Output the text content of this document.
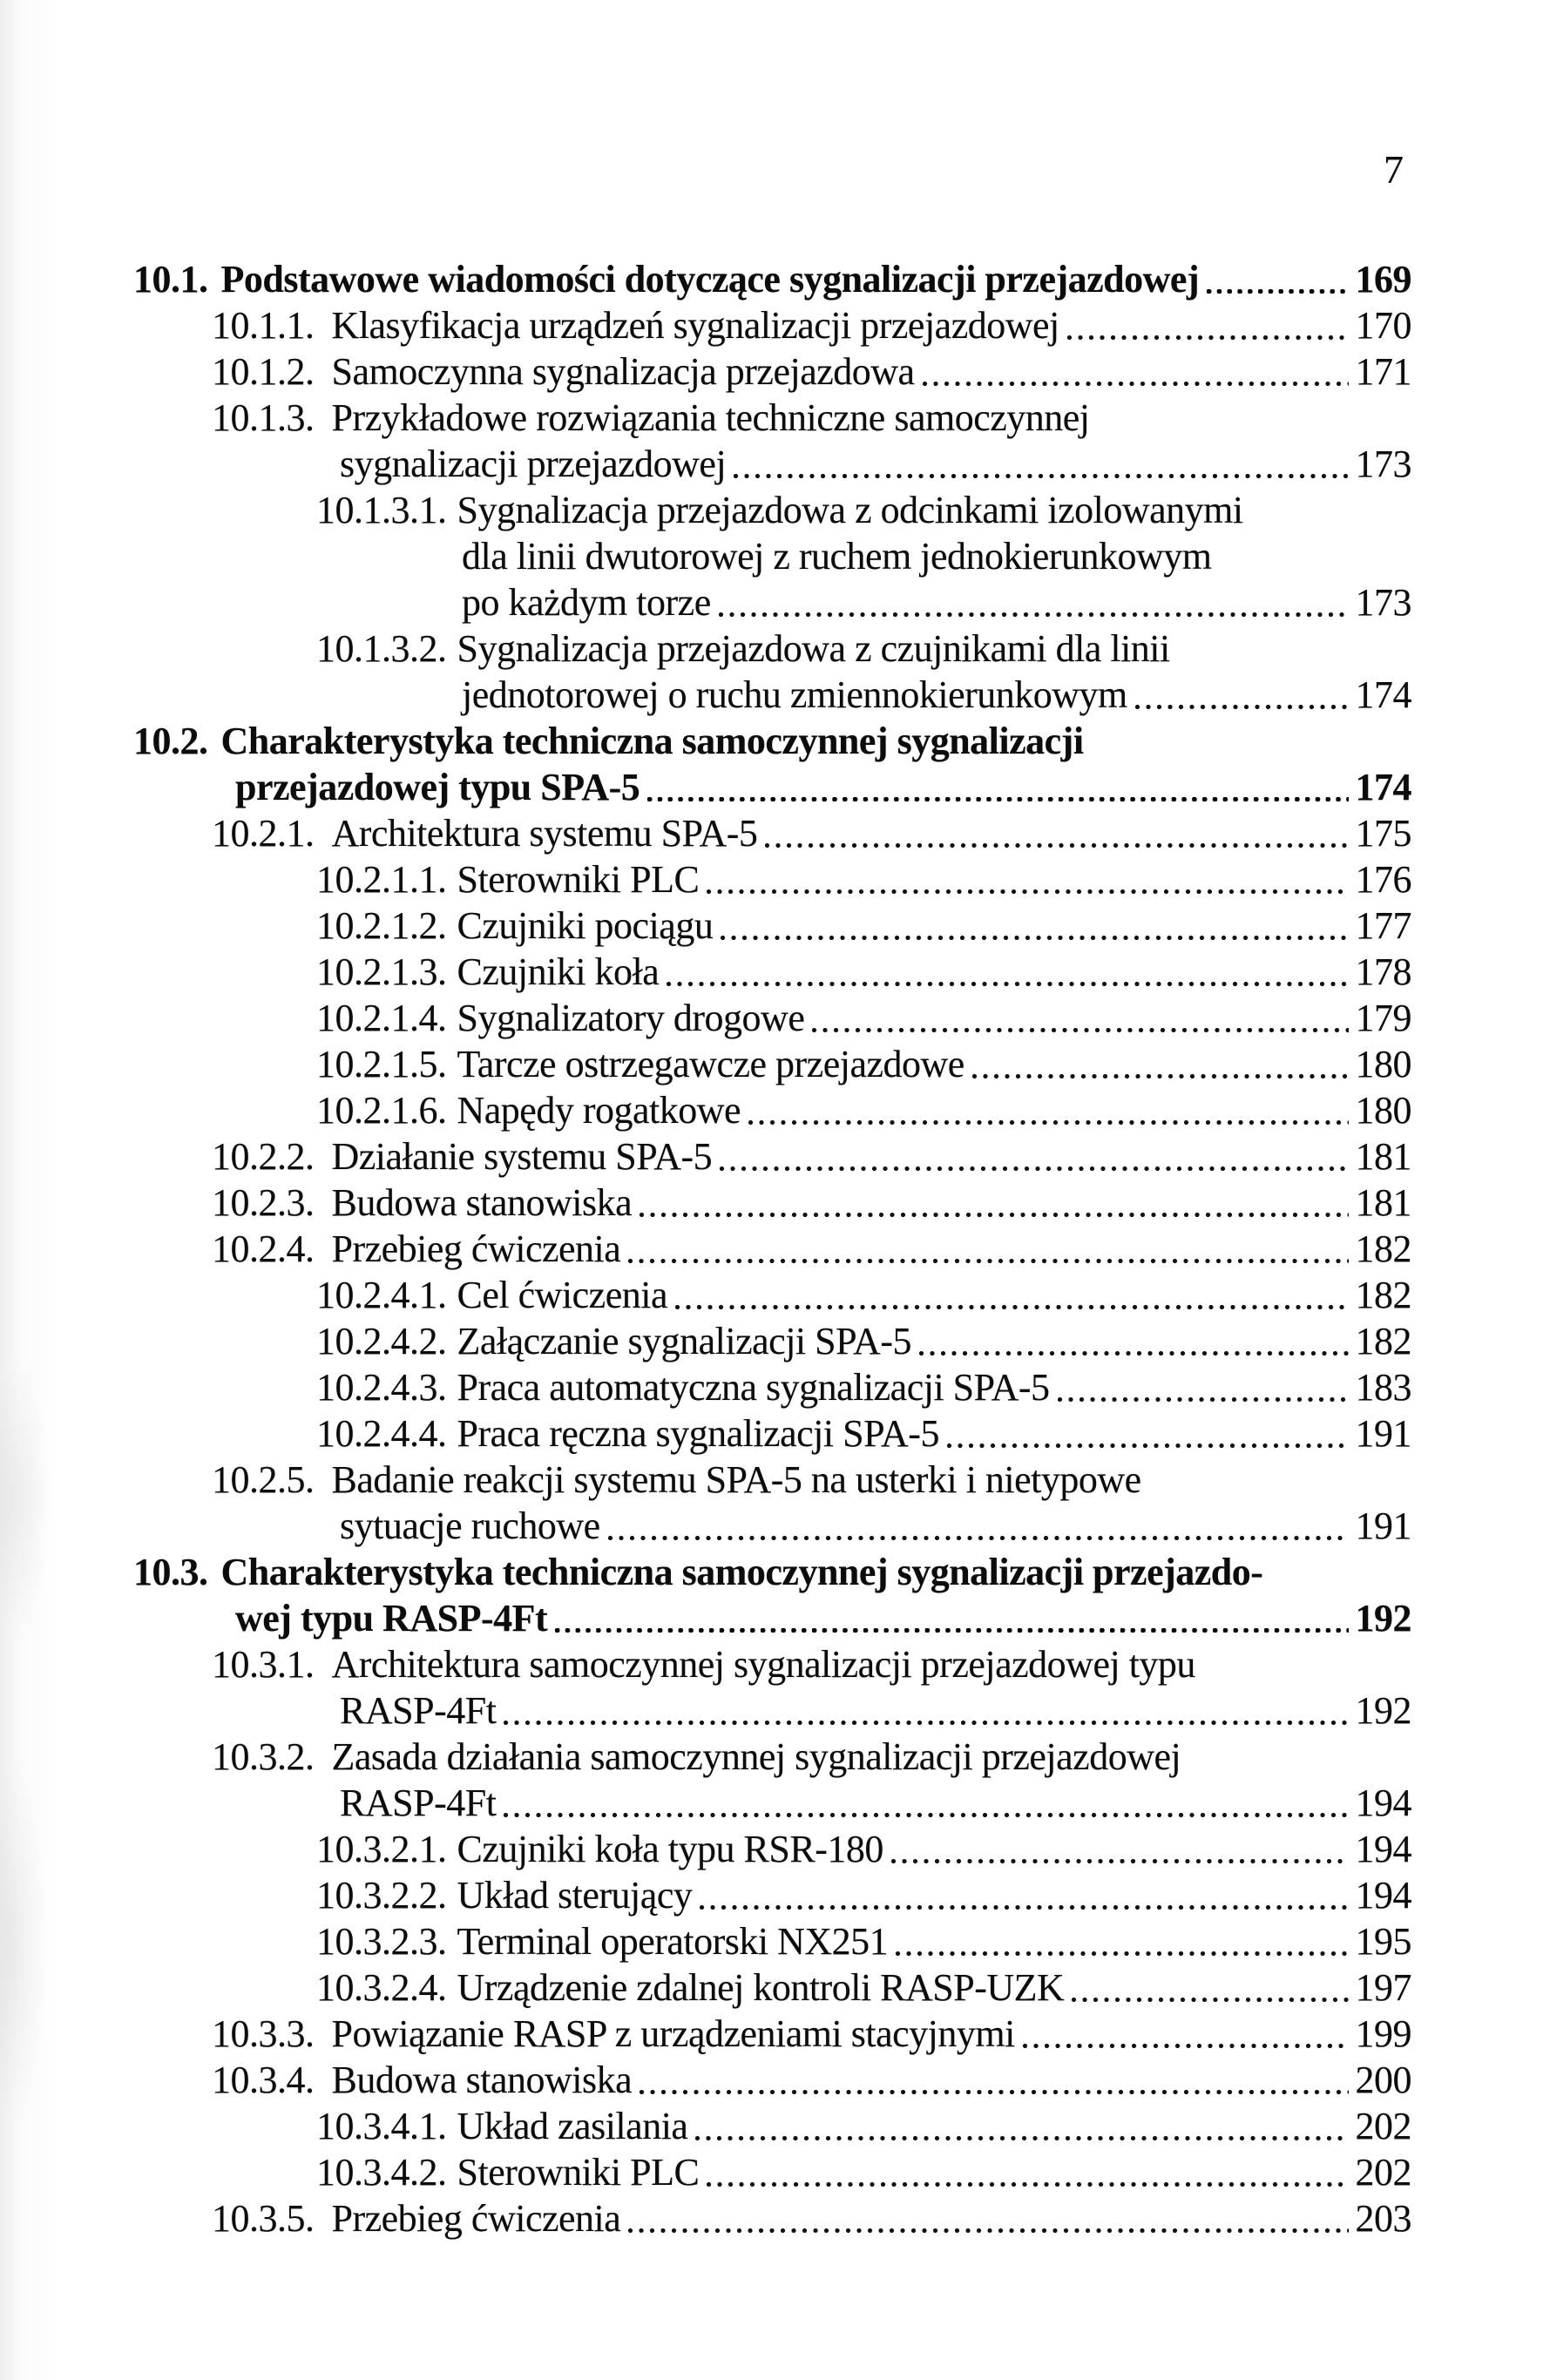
7
10.1. Podstawowe wiadomości dotyczące sygnalizacji przejazdowej	169
10.1.1. Klasyfikacja urządzeń sygnalizacji przejazdowej	170
10.1.2. Samoczynna sygnalizacja przejazdowa	171
10.1.3. Przykładowe rozwiązania techniczne samoczynnej
sygnalizacji przejazdowej	173
10.1.3.1. Sygnalizacja przejazdowa z odcinkami izolowanymi
dla linii dwutorowej z ruchem jednokierunkowym
po każdym torze	173
10.1.3.2. Sygnalizacja przejazdowa z czujnikami dla linii
jednotorowej o ruchu zmiennokierunkowym	174
10.2. Charakterystyka techniczna samoczynnej sygnalizacji
przejazdowej typu SPA-5	174
10.2.1. Architektura systemu SPA-5	175
10.2.1.1. Sterowniki PLC	176
10.2.1.2. Czujniki pociągu	177
10.2.1.3. Czujniki koła	178
10.2.1.4. Sygnalizatory drogowe	179
10.2.1.5. Tarcze ostrzegawcze przejazdowe	180
10.2.1.6. Napędy rogatkowe	180
10.2.2. Działanie systemu SPA-5	181
10.2.3. Budowa stanowiska	181
10.2.4. Przebieg ćwiczenia	182
10.2.4.1. Cel ćwiczenia	182
10.2.4.2. Załączanie sygnalizacji SPA-5	182
10.2.4.3. Praca automatyczna sygnalizacji SPA-5	183
10.2.4.4. Praca ręczna sygnalizacji SPA-5	191
10.2.5. Badanie reakcji systemu SPA-5 na usterki i nietypowe
sytuacje ruchowe	191
10.3. Charakterystyka techniczna samoczynnej sygnalizacji przejazdo-
wej typu RASP-4Ft	192
10.3.1. Architektura samoczynnej sygnalizacji przejazdowej typu
RASP-4Ft	192
10.3.2. Zasada działania samoczynnej sygnalizacji przejazdowej
RASP-4Ft	194
10.3.2.1. Czujniki koła typu RSR-180	194
10.3.2.2. Układ sterujący	194
10.3.2.3. Terminal operatorski NX251	195
10.3.2.4. Urządzenie zdalnej kontroli RASP-UZK	197
10.3.3. Powiązanie RASP z urządzeniami stacyjnymi	199
10.3.4. Budowa stanowiska	200
10.3.4.1. Układ zasilania	202
10.3.4.2. Sterowniki PLC	202
10.3.5. Przebieg ćwiczenia	203
